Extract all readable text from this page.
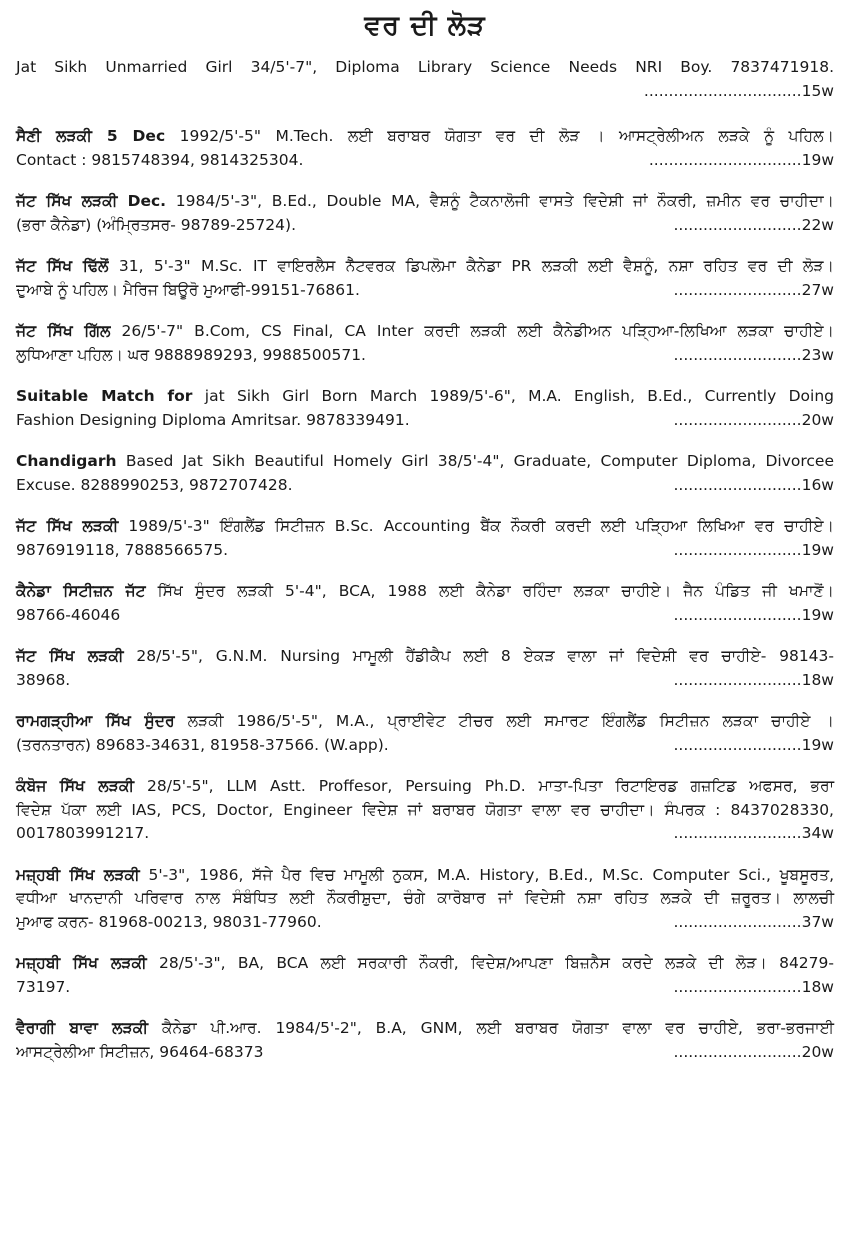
ਵਰ ਦੀ ਲੋੜ
Jat Sikh Unmarried Girl 34/5'-7", Diploma Library Science Needs NRI Boy. 7837471918.
................................15w
ਸੈਣੀ ਲੜਕੀ 5 Dec 1992/5'-5" M.Tech. ਲਈ ਬਰਾਬਰ ਯੋਗਤਾ ਵਰ ਦੀ ਲੋੜ । ਆਸਟ੍ਰੇਲੀਅਨ ਲੜਕੇ ਨੂੰ ਪਹਿਲ।
Contact : 9815748394, 9814325304.	...............................19w
ਜੱਟ ਸਿੱਖ ਲੜਕੀ Dec. 1984/5'-3", B.Ed., Double MA, ਵੈਸ਼ਨੂੰ ਟੈਕਨਾਲੋਜੀ ਵਾਸਤੇ ਵਿਦੇਸ਼ੀ ਜਾਂ ਨੌਕਰੀ, ਜ਼ਮੀਨ ਵਰ ਚਾਹੀਦਾ।
(ਭਰਾ ਕੈਨੇਡਾ) (ਅੰਮ੍ਰਿਤਸਰ- 98789-25724).	..........................22w
ਜੱਟ ਸਿੱਖ ਢਿੱਲੋਂ 31, 5'-3" M.Sc. IT ਵਾਇਰਲੈਸ ਨੈੱਟਵਰਕ ਡਿਪਲੋਮਾ ਕੈਨੇਡਾ PR ਲੜਕੀ ਲਈ ਵੈਸ਼ਨੂੰ, ਨਸ਼ਾ ਰਹਿਤ ਵਰ ਦੀ ਲੋੜ।
ਦੁਆਬੇ ਨੂੰ ਪਹਿਲ। ਮੈਰਿਜ ਬਿਊਰੋ ਮੁਆਫੀ-99151-76861.	..........................27w
ਜੱਟ ਸਿੱਖ ਗਿੱਲ 26/5'-7" B.Com, CS Final, CA Inter ਕਰਦੀ ਲੜਕੀ ਲਈ ਕੈਨੇਡੀਅਨ ਪੜ੍ਹਿਆ-ਲਿਖਿਆ ਲੜਕਾ ਚਾਹੀਏ।
ਲੁਧਿਆਣਾ ਪਹਿਲ। ਘਰ 9888989293, 9988500571.	..........................23w
Suitable Match for jat Sikh Girl Born March 1989/5'-6", M.A. English, B.Ed., Currently Doing
Fashion Designing Diploma Amritsar. 9878339491.	..........................20w
Chandigarh Based Jat Sikh Beautiful Homely Girl 38/5'-4", Graduate, Computer Diploma, Divorcee
Excuse. 8288990253, 9872707428.	..........................16w
ਜੱਟ ਸਿੱਖ ਲੜਕੀ 1989/5'-3" ਇੰਗਲੈਂਡ ਸਿਟੀਜ਼ਨ B.Sc. Accounting ਬੈਂਕ ਨੌਕਰੀ ਕਰਦੀ ਲਈ ਪੜ੍ਹਿਆ ਲਿਖਿਆ ਵਰ ਚਾਹੀਏ।
9876919118, 7888566575.	..........................19w
ਕੈਨੇਡਾ ਸਿਟੀਜ਼ਨ ਜੱਟ ਸਿੱਖ ਸੁੰਦਰ ਲੜਕੀ 5'-4", BCA, 1988 ਲਈ ਕੈਨੇਡਾ ਰਹਿੰਦਾ ਲੜਕਾ ਚਾਹੀਏ। ਜੈਨ ਪੰਡਿਤ ਜੀ ਖਮਾਣੋਂ।
98766-46046	..........................19w
ਜੱਟ ਸਿੱਖ ਲੜਕੀ 28/5'-5", G.N.M. Nursing ਮਾਮੂਲੀ ਹੈਂਡੀਕੈਪ ਲਈ 8 ਏਕੜ ਵਾਲਾ ਜਾਂ ਵਿਦੇਸ਼ੀ ਵਰ ਚਾਹੀਏ- 98143-
38968.	..........................18w
ਰਾਮਗੜ੍ਹੀਆ ਸਿੱਖ ਸੁੰਦਰ ਲੜਕੀ 1986/5'-5", M.A., ਪ੍ਰਾਈਵੇਟ ਟੀਚਰ ਲਈ ਸਮਾਰਟ ਇੰਗਲੈਂਡ ਸਿਟੀਜ਼ਨ ਲੜਕਾ ਚਾਹੀਏ ।
(ਤਰਨਤਾਰਨ) 89683-34631, 81958-37566. (W.app).	..........................19w
ਕੰਬੋਜ ਸਿੱਖ ਲੜਕੀ 28/5'-5", LLM Astt. Proffesor, Persuing Ph.D. ਮਾਤਾ-ਪਿਤਾ ਰਿਟਾਇਰਡ ਗਜ਼ਟਿਡ ਅਫਸਰ, ਭਰਾ
ਵਿਦੇਸ਼ ਪੱਕਾ ਲਈ IAS, PCS, Doctor, Engineer ਵਿਦੇਸ਼ ਜਾਂ ਬਰਾਬਰ ਯੋਗਤਾ ਵਾਲਾ ਵਰ ਚਾਹੀਦਾ। ਸੰਪਰਕ : 8437028330,
0017803991217.	..........................34w
ਮਜ਼੍ਹਬੀ ਸਿੱਖ ਲੜਕੀ 5'-3", 1986, ਸੱਜੇ ਪੈਰ ਵਿਚ ਮਾਮੂਲੀ ਨੁਕਸ, M.A. History, B.Ed., M.Sc. Computer Sci., ਖੂਬਸੂਰਤ,
ਵਧੀਆ ਖਾਨਦਾਨੀ ਪਰਿਵਾਰ ਨਾਲ ਸੰਬੰਧਿਤ ਲਈ ਨੌਕਰੀਸ਼ੁਦਾ, ਚੰਗੇ ਕਾਰੋਬਾਰ ਜਾਂ ਵਿਦੇਸ਼ੀ ਨਸ਼ਾ ਰਹਿਤ ਲੜਕੇ ਦੀ ਜ਼ਰੂਰਤ। ਲਾਲਚੀ
ਮੁਆਫ ਕਰਨ- 81968-00213, 98031-77960.	..........................37w
ਮਜ਼੍ਹਬੀ ਸਿੱਖ ਲੜਕੀ 28/5'-3", BA, BCA ਲਈ ਸਰਕਾਰੀ ਨੌਕਰੀ, ਵਿਦੇਸ਼/ਆਪਣਾ ਬਿਜ਼ਨੈਸ ਕਰਦੇ ਲੜਕੇ ਦੀ ਲੋੜ। 84279-
73197.	..........................18w
ਵੈਰਾਗੀ ਬਾਵਾ ਲੜਕੀ ਕੈਨੇਡਾ ਪੀ.ਆਰ. 1984/5'-2", B.A, GNM, ਲਈ ਬਰਾਬਰ ਯੋਗਤਾ ਵਾਲਾ ਵਰ ਚਾਹੀਏ, ਭਰਾ-ਭਰਜਾਈ
ਆਸਟ੍ਰੇਲੀਆ ਸਿਟੀਜ਼ਨ, 96464-68373	..........................20w
